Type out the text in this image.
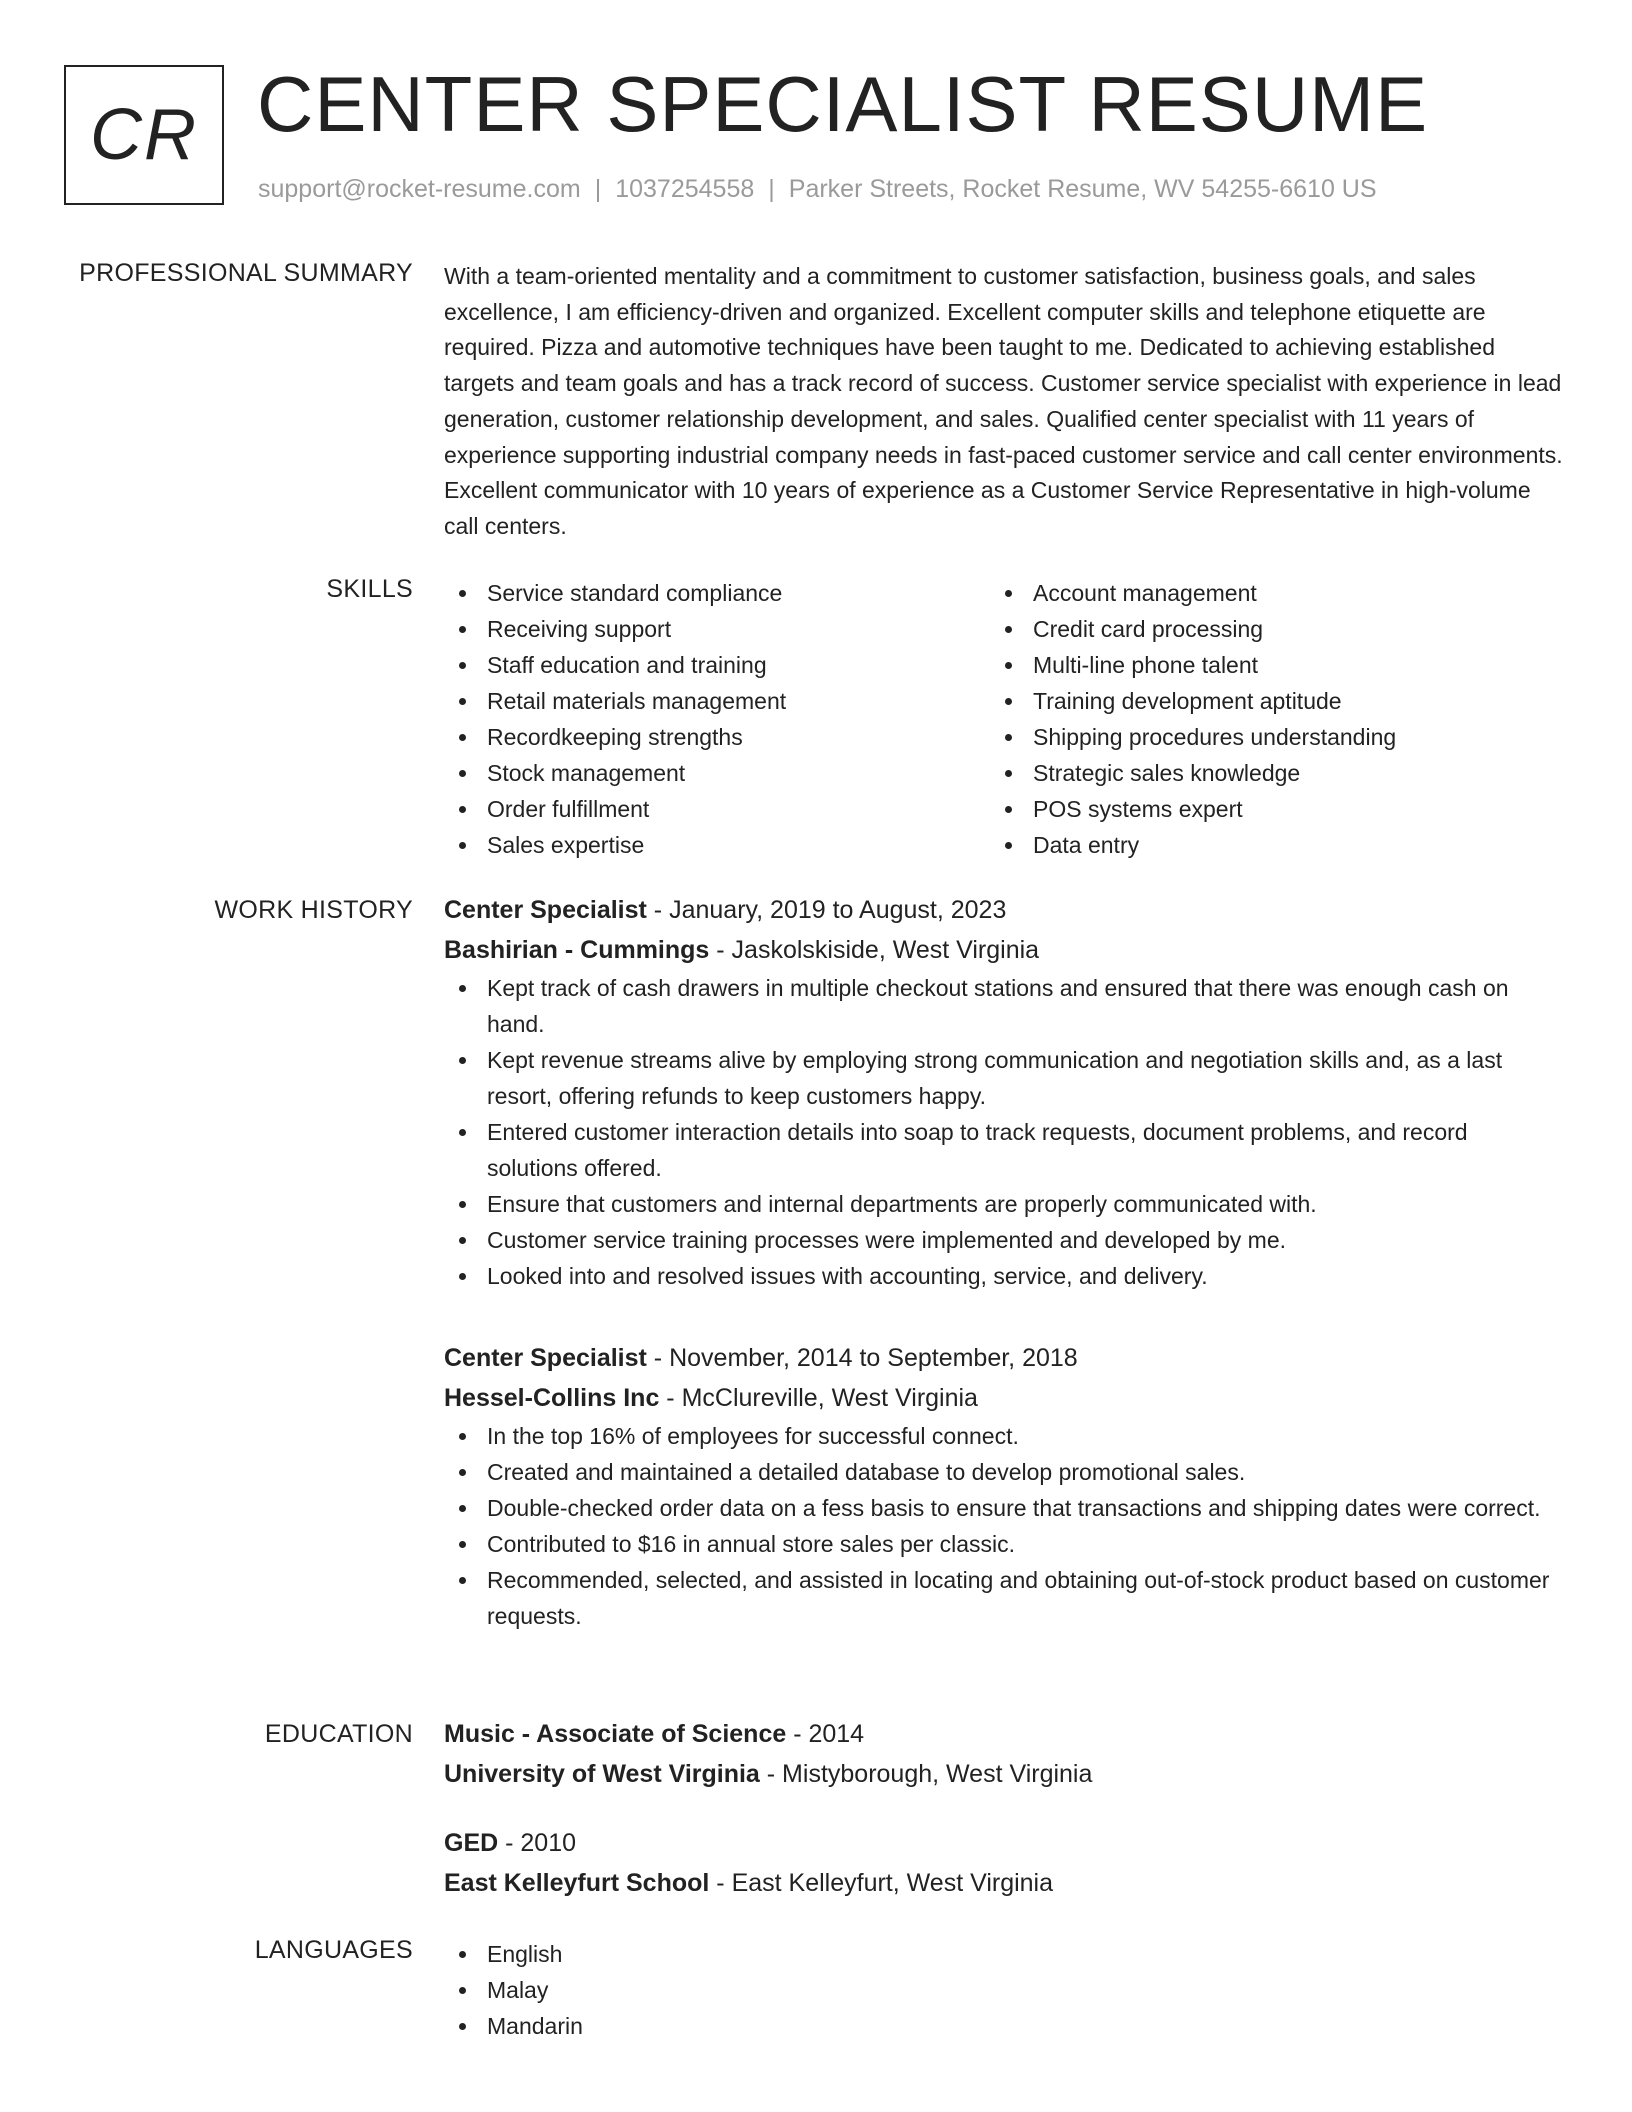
CR CENTER SPECIALIST RESUME
support@rocket-resume.com | 1037254558 | Parker Streets, Rocket Resume, WV 54255-6610 US
PROFESSIONAL SUMMARY With a team-oriented mentality and a commitment to customer satisfaction, business goals, and sales excellence, I am efficiency-driven and organized. Excellent computer skills and telephone etiquette are required. Pizza and automotive techniques have been taught to me. Dedicated to achieving established targets and team goals and has a track record of success. Customer service specialist with experience in lead generation, customer relationship development, and sales. Qualified center specialist with 11 years of experience supporting industrial company needs in fast-paced customer service and call center environments. Excellent communicator with 10 years of experience as a Customer Service Representative in high-volume call centers.

SKILLS	Service standard compliance
Receiving support
Staff education and training
Retail materials management
Recordkeeping strengths
Stock management
Order fulfillment
Sales expertise
Account management
Credit card processing
Multi-line phone talent
Training development aptitude
Shipping procedures understanding
Strategic sales knowledge
POS systems expert
Data entry
WORK HISTORY Center Specialist - January, 2019 to August, 2023
Bashirian - Cummings - Jaskolskiside, West Virginia
Kept track of cash drawers in multiple checkout stations and ensured that there was enough cash on hand.
Kept revenue streams alive by employing strong communication and negotiation skills and, as a last resort, offering refunds to keep customers happy.
Entered customer interaction details into soap to track requests, document problems, and record solutions offered.
Ensure that customers and internal departments are properly communicated with.
Customer service training processes were implemented and developed by me.
Looked into and resolved issues with accounting, service, and delivery.
Center Specialist - November, 2014 to September, 2018
Hessel-Collins Inc - McClureville, West Virginia
In the top 16% of employees for successful connect.
Created and maintained a detailed database to develop promotional sales.
Double-checked order data on a fess basis to ensure that transactions and shipping dates were correct.
Contributed to $16 in annual store sales per classic.
Recommended, selected, and assisted in locating and obtaining out-of-stock product based on customer requests.
EDUCATION Music - Associate of Science - 2014
University of West Virginia - Mistyborough, West Virginia
GED - 2010
East Kelleyfurt School - East Kelleyfurt, West Virginia
LANGUAGES	English
Malay
Mandarin
